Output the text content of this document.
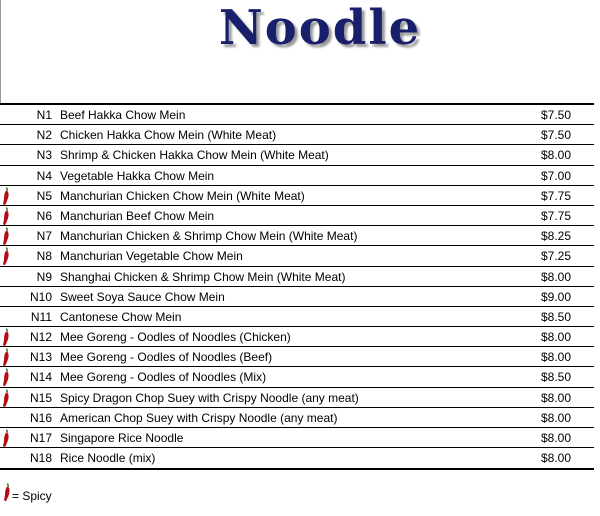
Noodle
N1 Beef Hakka Chow Mein	$7.50
N2 Chicken Hakka Chow Mein (White Meat)	$7.50
N3 Shrimp & Chicken Hakka Chow Mein (White Meat)	$8.00
N4 Vegetable Hakka Chow Mein	$7.00
N5 Manchurian Chicken Chow Mein (White Meat)	$7.75
N6 Manchurian Beef Chow Mein	$7.75
N7 Manchurian Chicken & Shrimp Chow Mein (White Meat)	$8.25
N8 Manchurian Vegetable Chow Mein	$7.25
N9 Shanghai Chicken & Shrimp Chow Mein (White Meat)	$8.00
N10 Sweet Soya Sauce Chow Mein	$9.00
N11 Cantonese Chow Mein	$8.50
N12 Mee Goreng - Oodles of Noodles (Chicken)	$8.00
N13 Mee Goreng - Oodles of Noodles (Beef)	$8.00
N14 Mee Goreng - Oodles of Noodles (Mix)	$8.50
N15 Spicy Dragon Chop Suey with Crispy Noodle (any meat)	$8.00
N16 American Chop Suey with Crispy Noodle (any meat)	$8.00
N17 Singapore Rice Noodle	$8.00
N18 Rice Noodle (mix)	$8.00
= Spicy
